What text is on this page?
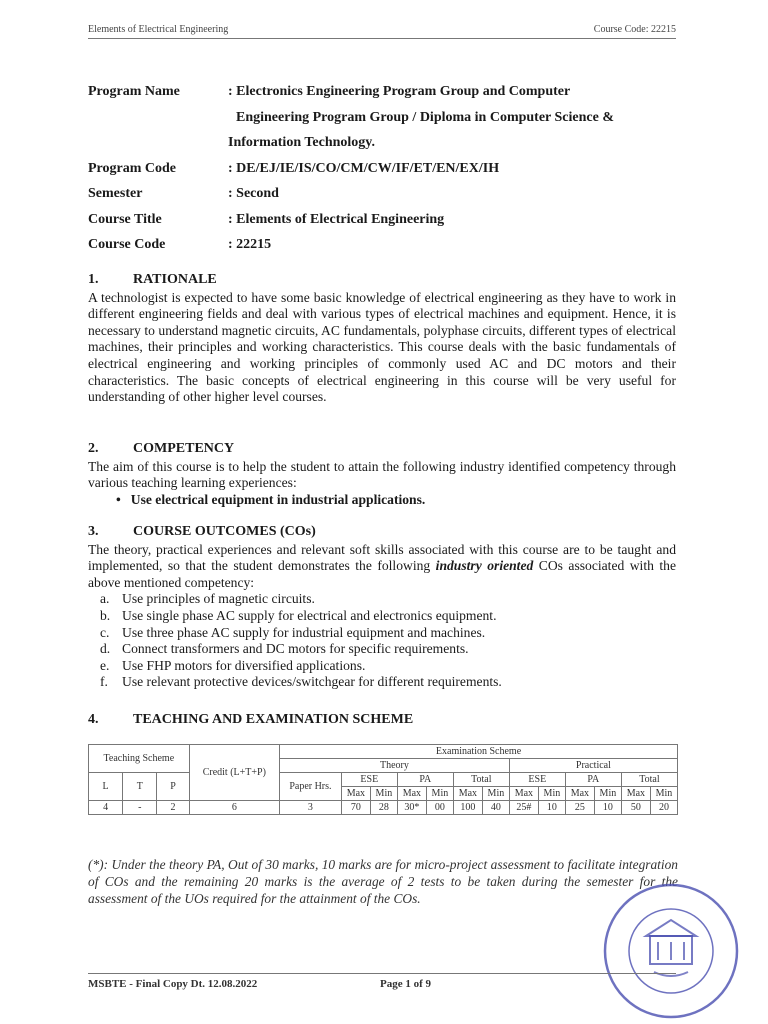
Elements of Electrical Engineering	Course Code: 22215
Program Name	: Electronics Engineering Program Group and Computer
Engineering Program Group / Diploma in Computer Science &
Information Technology.
Program Code	: DE/EJ/IE/IS/CO/CM/CW/IF/ET/EN/EX/IH
Semester	: Second
Course Title	: Elements of Electrical Engineering
Course Code	: 22215
1.	RATIONALE
A technologist is expected to have some basic knowledge of electrical engineering as they have to work in different engineering fields and deal with various types of electrical machines and equipment. Hence, it is necessary to understand magnetic circuits, AC fundamentals, polyphase circuits, different types of electrical machines, their principles and working characteristics. This course deals with the basic fundamentals of electrical engineering and working principles of commonly used AC and DC motors and their characteristics. The basic concepts of electrical engineering in this course will be very useful for understanding of other higher level courses.
2.	COMPETENCY
The aim of this course is to help the student to attain the following industry identified competency through various teaching learning experiences:
• Use electrical equipment in industrial applications.
3.	COURSE OUTCOMES (COs)
The theory, practical experiences and relevant soft skills associated with this course are to be taught and implemented, so that the student demonstrates the following industry oriented COs associated with the above mentioned competency:
a. Use principles of magnetic circuits.
b. Use single phase AC supply for electrical and electronics equipment.
c. Use three phase AC supply for industrial equipment and machines.
d. Connect transformers and DC motors for specific requirements.
e. Use FHP motors for diversified applications.
f.	Use relevant protective devices/switchgear for different requirements.
4.	TEACHING AND EXAMINATION SCHEME
Teaching Scheme			Credit (L+T+P)	Examination Scheme												
				Theory							Practical					
L	T	P		Paper Hrs.	ESE		PA		Total		ESE		PA		Total	
					Max	Min	Max	Min	Max	Min	Max	Min	Max	Min	Max	Min
4	-	2	6	3	70	28	30*	00	100	40	25#	10	25	10	50	20
(*): Under the theory PA, Out of 30 marks, 10 marks are for micro-project assessment to facilitate integration of COs and the remaining 20 marks is the average of 2 tests to be taken during the semester for the assessment of the UOs required for the attainment of the COs.
MSBTE - Final Copy Dt. 12.08.2022	Page 1 of 9
